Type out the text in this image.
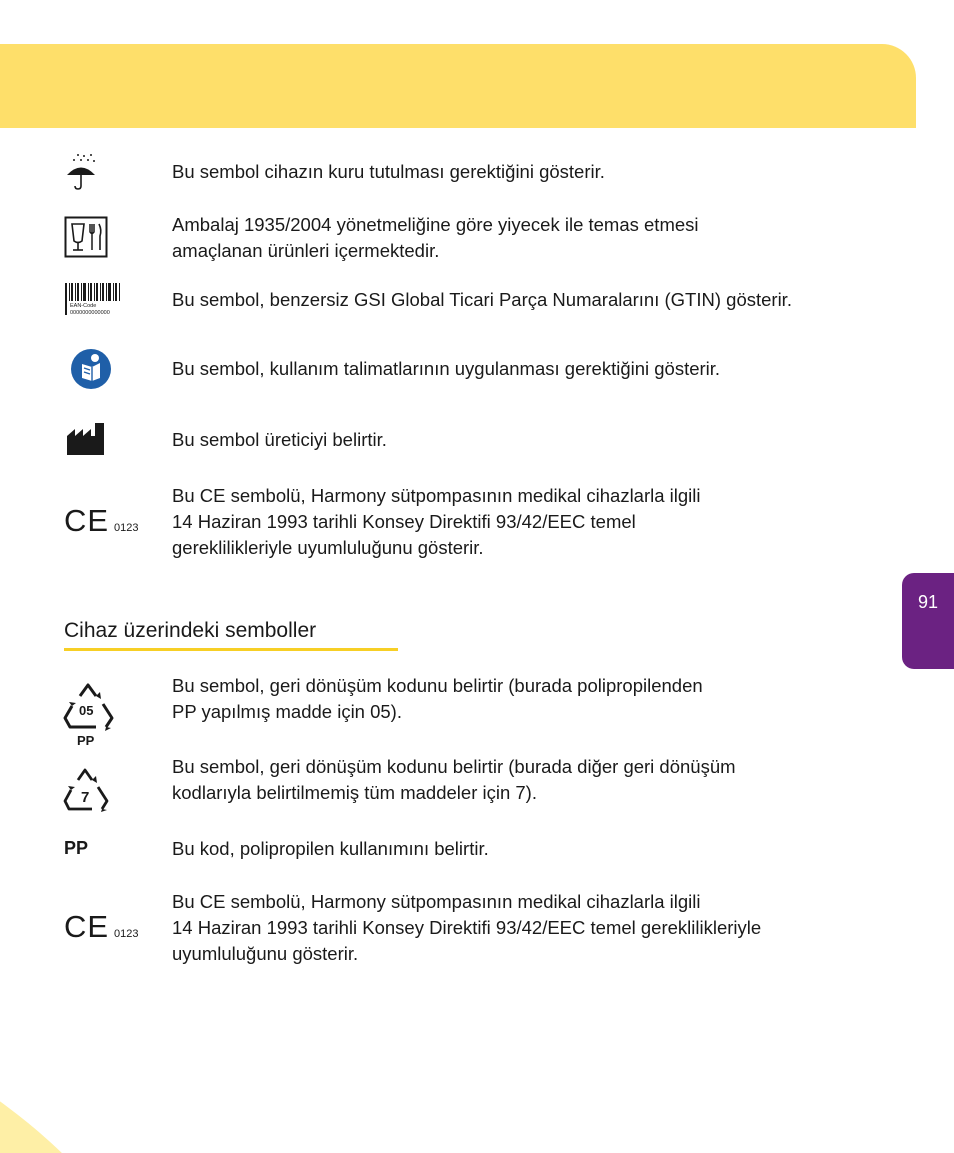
91

Bu sembol cihazın kuru tutulması gerektiğini gösterir.

Ambalaj 1935/2004 yönetmeliğine göre yiyecek ile temas etmesi

amaçlanan ürünleri içermektedir.

EAN-Code
0000000000000

Bu sembol, benzersiz GSI Global Ticari Parça Numaralarını (GTIN) gösterir.

Bu sembol, kullanım talimatlarının uygulanması gerektiğini gösterir.

Bu sembol üreticiyi belirtir.

CE 0123

Bu CE sembolü, Harmony sütpompasının medikal cihazlarla ilgili

14 Haziran 1993 tarihli Konsey Direktifi 93/42/EEC temel

gereklilikleriyle uyumluluğunu gösterir.

Cihaz üzerindeki semboller
05
PP

Bu sembol, geri dönüşüm kodunu belirtir (burada polipropilenden

PP yapılmış madde için 05).

7

Bu sembol, geri dönüşüm kodunu belirtir (burada diğer geri dönüşüm

kodlarıyla belirtilmemiş tüm maddeler için 7).

PP	Bu kod, polipropilen kullanımını belirtir.

CE 0123

Bu CE sembolü, Harmony sütpompasının medikal cihazlarla ilgili

14 Haziran 1993 tarihli Konsey Direktifi 93/42/EEC temel gereklilikleriyle

uyumluluğunu gösterir.
